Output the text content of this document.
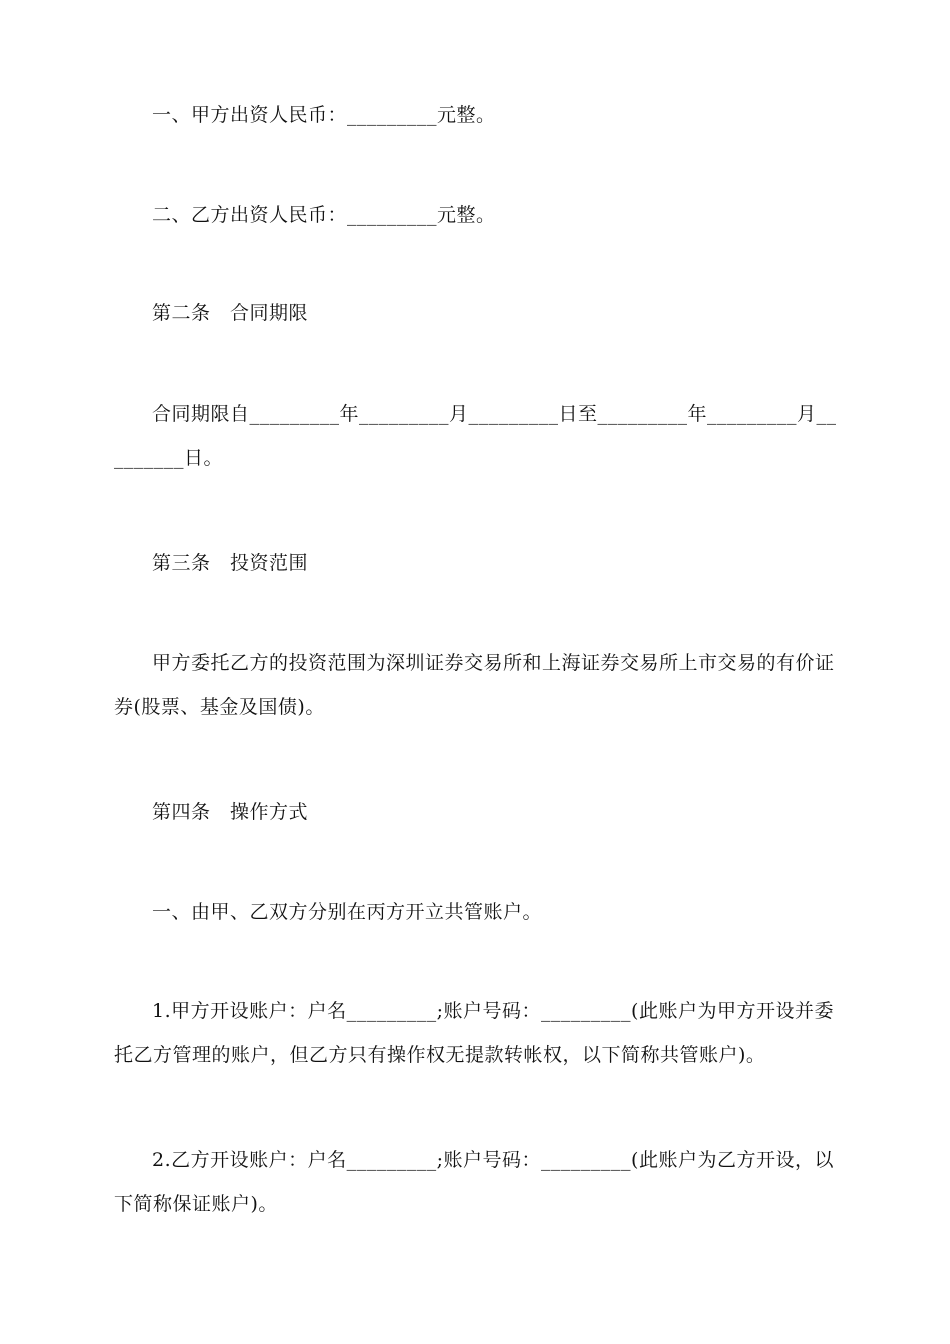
一、甲方出资人民币：_________元整。
二、乙方出资人民币：_________元整。
第二条　合同期限
合同期限自_________年_________月_________日至_________年_________月_________日。
第三条　投资范围
甲方委托乙方的投资范围为深圳证券交易所和上海证券交易所上市交易的有价证券(股票、基金及国债)。
第四条　操作方式
一、由甲、乙双方分别在丙方开立共管账户。
1.甲方开设账户：户名_________;账户号码：_________(此账户为甲方开设并委托乙方管理的账户，但乙方只有操作权无提款转帐权，以下简称共管账户)。
2.乙方开设账户：户名_________;账户号码：_________(此账户为乙方开设，以下简称保证账户)。
